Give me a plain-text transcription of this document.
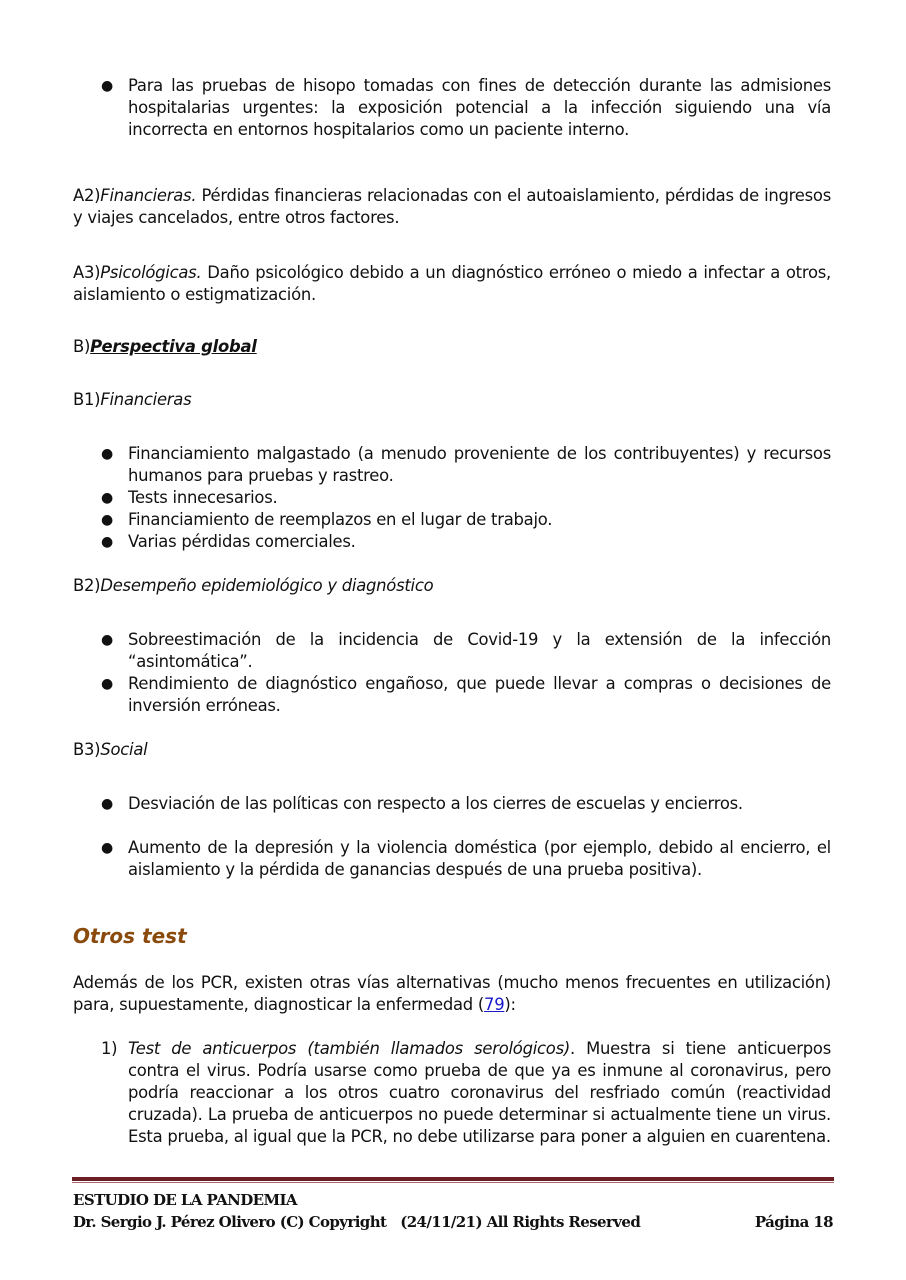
● Para las pruebas de hisopo tomadas con fines de detección durante las admisiones hospitalarias urgentes: la exposición potencial a la infección siguiendo una vía incorrecta en entornos hospitalarios como un paciente interno.

A2)Financieras. Pérdidas financieras relacionadas con el autoaislamiento, pérdidas de ingresos y viajes cancelados, entre otros factores.

A3)Psicológicas. Daño psicológico debido a un diagnóstico erróneo o miedo a infectar a otros, aislamiento o estigmatización.

B)Perspectiva global

B1)Financieras

● Financiamiento malgastado (a menudo proveniente de los contribuyentes) y recursos humanos para pruebas y rastreo.
● Tests innecesarios.
● Financiamiento de reemplazos en el lugar de trabajo.
● Varias pérdidas comerciales.

B2)Desempeño epidemiológico y diagnóstico

● Sobreestimación de la incidencia de Covid-19 y la extensión de la infección “asintomática”.
● Rendimiento de diagnóstico engañoso, que puede llevar a compras o decisiones de inversión erróneas.

B3)Social

● Desviación de las políticas con respecto a los cierres de escuelas y encierros.
● Aumento de la depresión y la violencia doméstica (por ejemplo, debido al encierro, el aislamiento y la pérdida de ganancias después de una prueba positiva).
Otros test

Además de los PCR, existen otras vías alternativas (mucho menos frecuentes en utilización) para, supuestamente, diagnosticar la enfermedad (79):

1) Test de anticuerpos (también llamados serológicos). Muestra si tiene anticuerpos contra el virus. Podría usarse como prueba de que ya es inmune al coronavirus, pero podría reaccionar a los otros cuatro coronavirus del resfriado común (reactividad cruzada). La prueba de anticuerpos no puede determinar si actualmente tiene un virus. Esta prueba, al igual que la PCR, no debe utilizarse para poner a alguien en cuarentena.
ESTUDIO DE LA PANDEMIA
Dr. Sergio J. Pérez Olivero (C) Copyright   (24/11/21) All Rights Reserved	Página 18
